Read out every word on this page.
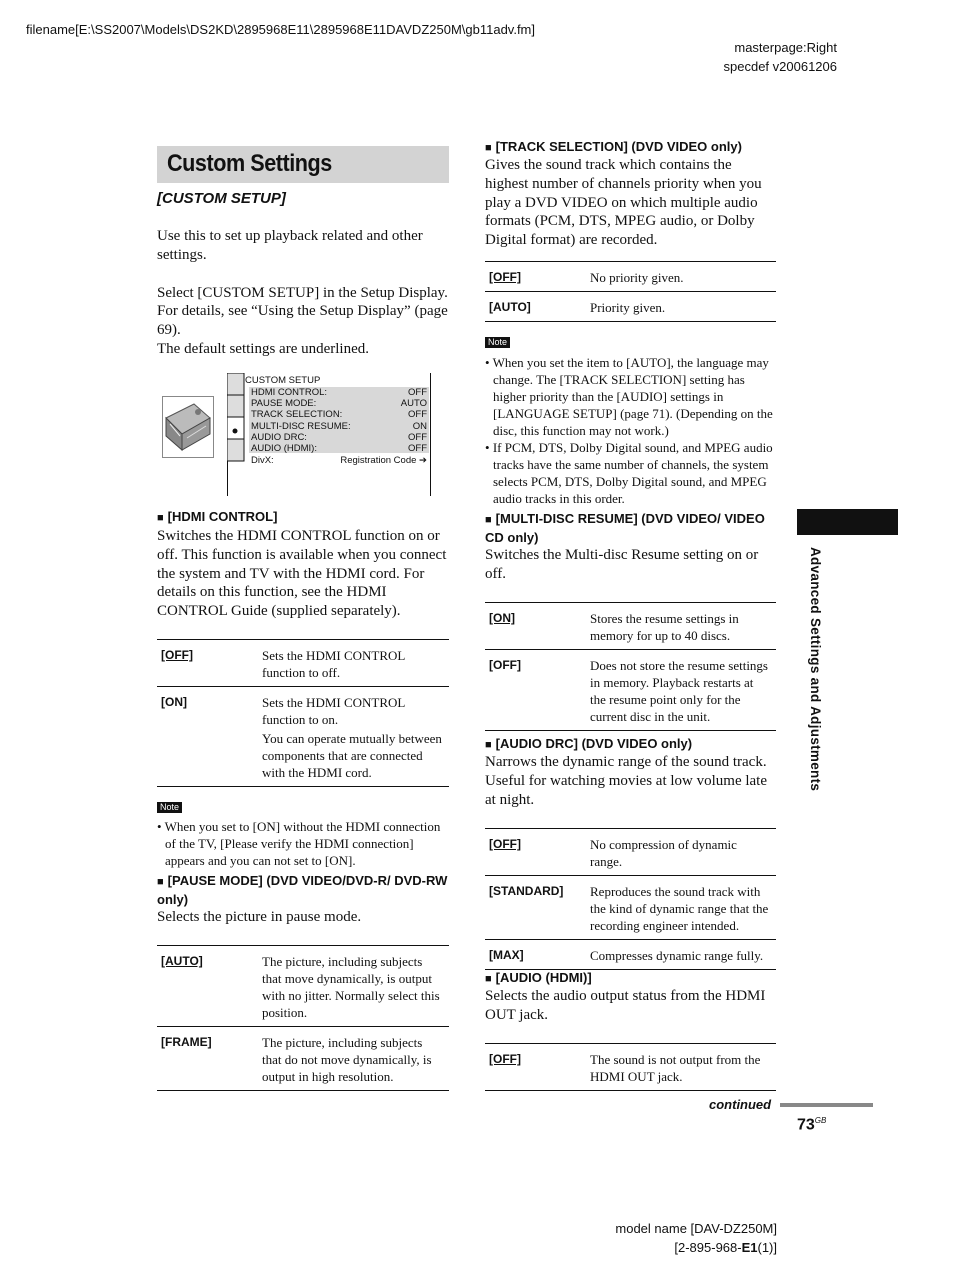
filename[E:\SS2007\Models\DS2KD\2895968E11\2895968E11DAVDZ250M\gb11adv.fm]
masterpage:Right
specdef v20061206
Custom Settings
[CUSTOM SETUP]
Use this to set up playback related and other settings.
Select [CUSTOM SETUP] in the Setup Display.
For details, see “Using the Setup Display” (page 69).
The default settings are underlined.
CUSTOM SETUP
HDMI CONTROL:	OFF
PAUSE MODE:	AUTO
TRACK SELECTION:	OFF
MULTI-DISC RESUME:	ON
AUDIO DRC:	OFF
AUDIO (HDMI):	OFF
DivX:	Registration Code ➔
■ [HDMI CONTROL]
Switches the HDMI CONTROL function on or off. This function is available when you connect the system and TV with the HDMI cord. For details on this function, see the HDMI CONTROL Guide (supplied separately).
[OFF]	Sets the HDMI CONTROL function to off.
[ON]	Sets the HDMI CONTROL function to on.
You can operate mutually between components that are connected with the HDMI cord.
Note
• When you set to [ON] without the HDMI connection of the TV, [Please verify the HDMI connection] appears and you can not set to [ON].
■ [PAUSE MODE] (DVD VIDEO/DVD-R/ DVD-RW only)
Selects the picture in pause mode.
[AUTO]	The picture, including subjects that move dynamically, is output with no jitter. Normally select this position.
[FRAME]	The picture, including subjects that do not move dynamically, is output in high resolution.
■ [TRACK SELECTION] (DVD VIDEO only)
Gives the sound track which contains the highest number of channels priority when you play a DVD VIDEO on which multiple audio formats (PCM, DTS, MPEG audio, or Dolby Digital format) are recorded.
[OFF]	No priority given.
[AUTO]	Priority given.
Note
• When you set the item to [AUTO], the language may change. The [TRACK SELECTION] setting has higher priority than the [AUDIO] settings in [LANGUAGE SETUP] (page 71). (Depending on the disc, this function may not work.)
• If PCM, DTS, Dolby Digital sound, and MPEG audio tracks have the same number of channels, the system selects PCM, DTS, Dolby Digital sound, and MPEG audio tracks in this order.
■ [MULTI-DISC RESUME] (DVD VIDEO/ VIDEO CD only)
Switches the Multi-disc Resume setting on or off.
[ON]	Stores the resume settings in memory for up to 40 discs.
[OFF]	Does not store the resume settings in memory. Playback restarts at the resume point only for the current disc in the unit.
■ [AUDIO DRC] (DVD VIDEO only)
Narrows the dynamic range of the sound track. Useful for watching movies at low volume late at night.
[OFF]	No compression of dynamic range.
[STANDARD]	Reproduces the sound track with the kind of dynamic range that the recording engineer intended.
[MAX]	Compresses dynamic range fully.
■ [AUDIO (HDMI)]
Selects the audio output status from the HDMI OUT jack.
[OFF]	The sound is not output from the HDMI OUT jack.
Advanced Settings and Adjustments
continued
$73^{GB}$
model name [DAV-DZ250M]
[2-895-968-E1(1)]
